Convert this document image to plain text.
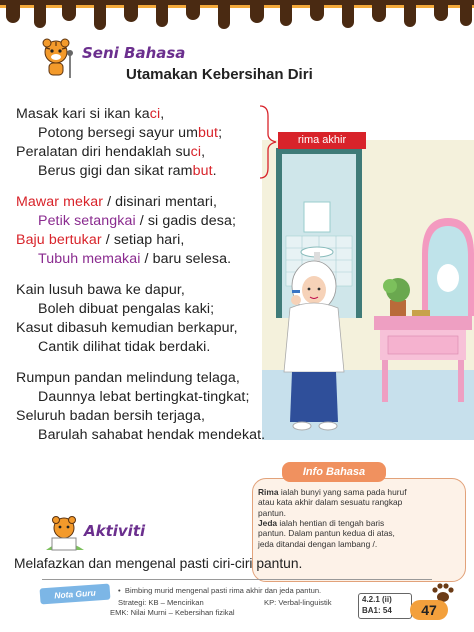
Seni Bahasa
Utamakan Kebersihan Diri
rima akhir
Masak kari si ikan kaci,
Potong bersegi sayur umbut;
Peralatan diri hendaklah suci,
Berus gigi dan sikat rambut.
Mawar mekar / disinari mentari,
Petik setangkai / si gadis desa;
Baju bertukar / setiap hari,
Tubuh memakai / baru selesa.
Kain lusuh bawa ke dapur,
Boleh dibuat pengalas kaki;
Kasut dibasuh kemudian berkapur,
Cantik dilihat tidak berdaki.
Rumpun pandan melindung telaga,
Daunnya lebat bertingkat-tingkat;
Seluruh badan bersih terjaga,
Barulah sahabat hendak mendekat.
Info Bahasa
Rima ialah bunyi yang sama pada huruf
atau kata akhir dalam sesuatu rangkap
pantun.
Jeda ialah hentian di tengah baris
pantun. Dalam pantun kedua di atas,
jeda ditandai dengan lambang /.
Aktiviti
Melafazkan dan mengenal pasti ciri-ciri pantun.
Nota Guru	•  Bimbing murid mengenal pasti rima akhir dan jeda pantun.
Strategi: KB – Mencirikan	KP: Verbal-linguistik
EMK: Nilai Murni – Kebersihan fizikal
4.2.1 (ii)
BA1: 54	47
